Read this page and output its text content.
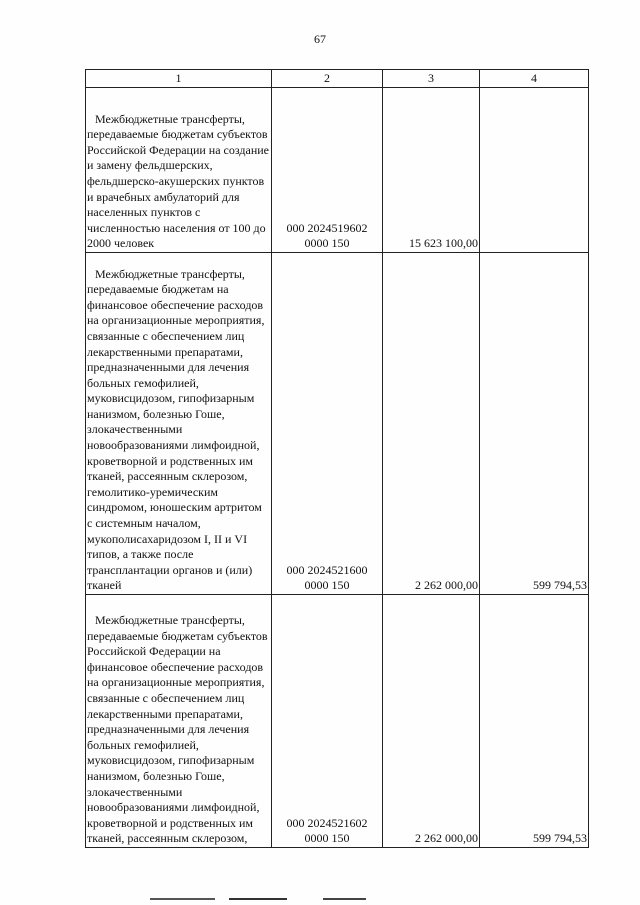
67
1	2	3	4

Межбюджетные трансферты, передаваемые бюджетам субъектов Российской Федерации на создание и замену фельдшерских, фельдшерско-акушерских пунктов и врачебных амбулаторий для населенных пунктов с численностью населения от 100 до 2000 человек	000 2024519602
0000 150	15 623 100,00	

Межбюджетные трансферты, передаваемые бюджетам на финансовое обеспечение расходов на организационные мероприятия, связанные с обеспечением лиц лекарственными препаратами, предназначенными для лечения больных гемофилией, муковисцидозом, гипофизарным нанизмом, болезнью Гоше, злокачественными новообразованиями лимфоидной, кроветворной и родственных им тканей, рассеянным склерозом, гемолитико-уремическим синдромом, юношеским артритом с системным началом, мукополисахаридозом I, II и VI типов, а также после трансплантации органов и (или) тканей	000 2024521600
0000 150	2 262 000,00	599 794,53

Межбюджетные трансферты, передаваемые бюджетам субъектов Российской Федерации на финансовое обеспечение расходов на организационные мероприятия, связанные с обеспечением лиц лекарственными препаратами, предназначенными для лечения больных гемофилией, муковисцидозом, гипофизарным нанизмом, болезнью Гоше, злокачественными новообразованиями лимфоидной, кроветворной и родственных им тканей, рассеянным склерозом,	000 2024521602
0000 150	2 262 000,00	599 794,53
